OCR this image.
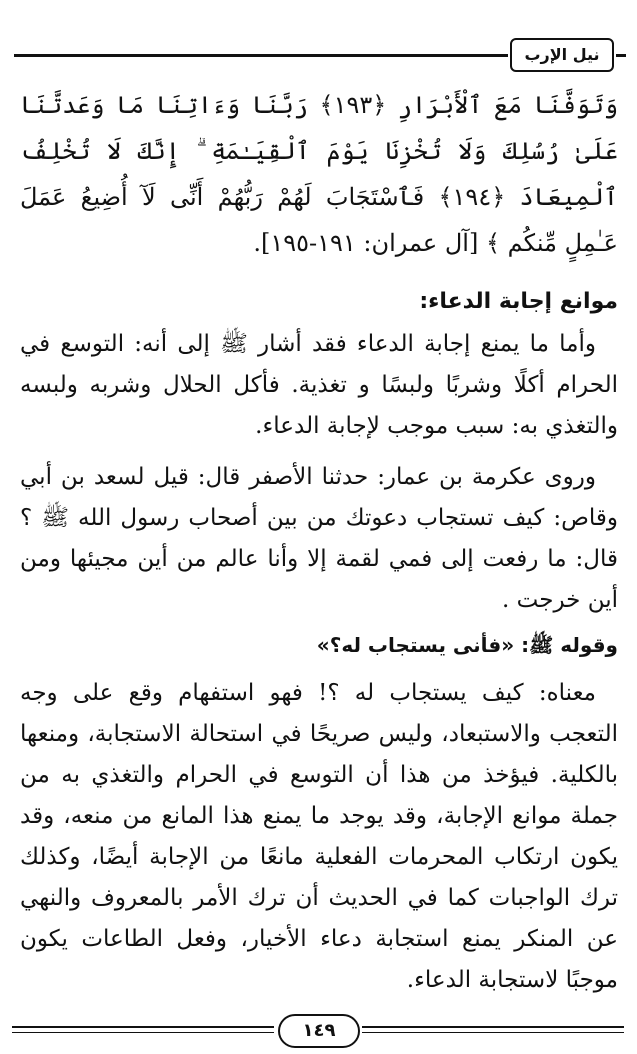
نيل الإرب

وَتَوَفَّنَا مَعَ ٱلْأَبْرَارِ ﴿١٩٣﴾ رَبَّنَا وَءَاتِنَا مَا وَعَدتَّنَا عَلَىٰ رُسُلِكَ وَلَا تُخْزِنَا يَوْمَ ٱلْقِيَـٰمَةِ ۗ إِنَّكَ لَا تُخْلِفُ ٱلْمِيعَادَ ﴿١٩٤﴾ فَٱسْتَجَابَ لَهُمْ رَبُّهُمْ أَنِّى لَآ أُضِيعُ عَمَلَ عَـٰمِلٍ مِّنكُم ﴾ [آل عمران: ١٩١-١٩٥].

موانع إجابة الدعاء:

وأما ما يمنع إجابة الدعاء فقد أشار ﷺ إلى أنه: التوسع في الحرام أكلًا وشربًا ولبسًا و تغذية. فأكل الحلال وشربه ولبسه والتغذي به: سبب موجب لإجابة الدعاء.

وروى عكرمة بن عمار: حدثنا الأصفر قال: قيل لسعد بن أبي وقاص: كيف تستجاب دعوتك من بين أصحاب رسول الله ﷺ ؟ قال: ما رفعت إلى فمي لقمة إلا وأنا عالم من أين مجيئها ومن أين خرجت .

وقوله ﷺ: «فأنى يستجاب له؟»

معناه: كيف يستجاب له ؟! فهو استفهام وقع على وجه التعجب والاستبعاد، وليس صريحًا في استحالة الاستجابة، ومنعها بالكلية. فيؤخذ من هذا أن التوسع في الحرام والتغذي به من جملة موانع الإجابة، وقد يوجد ما يمنع هذا المانع من منعه، وقد يكون ارتكاب المحرمات الفعلية مانعًا من الإجابة أيضًا، وكذلك ترك الواجبات كما في الحديث أن ترك الأمر بالمعروف والنهي عن المنكر يمنع استجابة دعاء الأخيار، وفعل الطاعات يكون موجبًا لاستجابة الدعاء.

١٤٩
